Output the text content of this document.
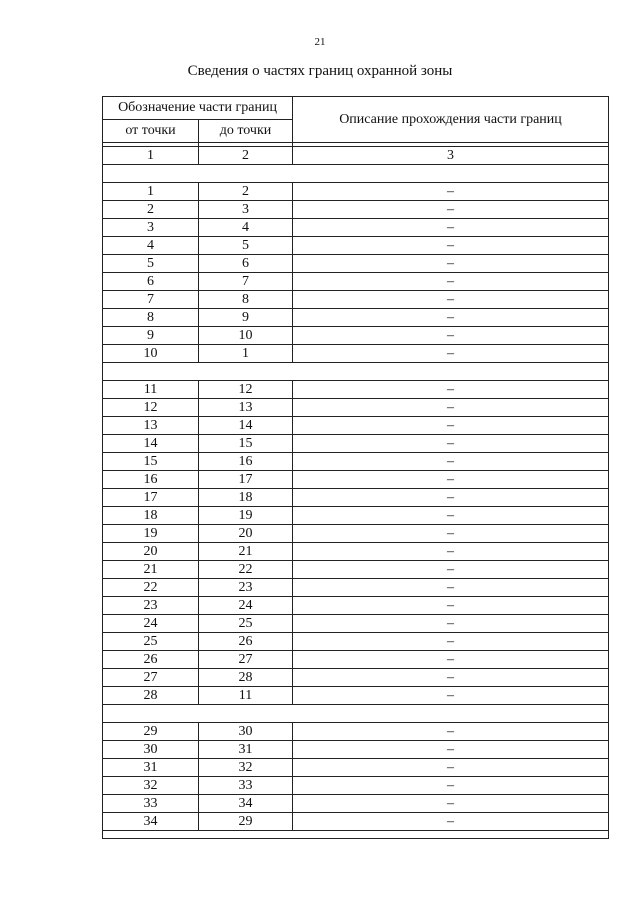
21
Сведения о частях границ охранной зоны
Обозначение части границ		Описание прохождения части границ
от точки	до точки	

1	2	3

1	2	–
2	3	–
3	4	–
4	5	–
5	6	–
6	7	–
7	8	–
8	9	–
9	10	–
10	1	–

11	12	–
12	13	–
13	14	–
14	15	–
15	16	–
16	17	–
17	18	–
18	19	–
19	20	–
20	21	–
21	22	–
22	23	–
23	24	–
24	25	–
25	26	–
26	27	–
27	28	–
28	11	–

29	30	–
30	31	–
31	32	–
32	33	–
33	34	–
34	29	–
